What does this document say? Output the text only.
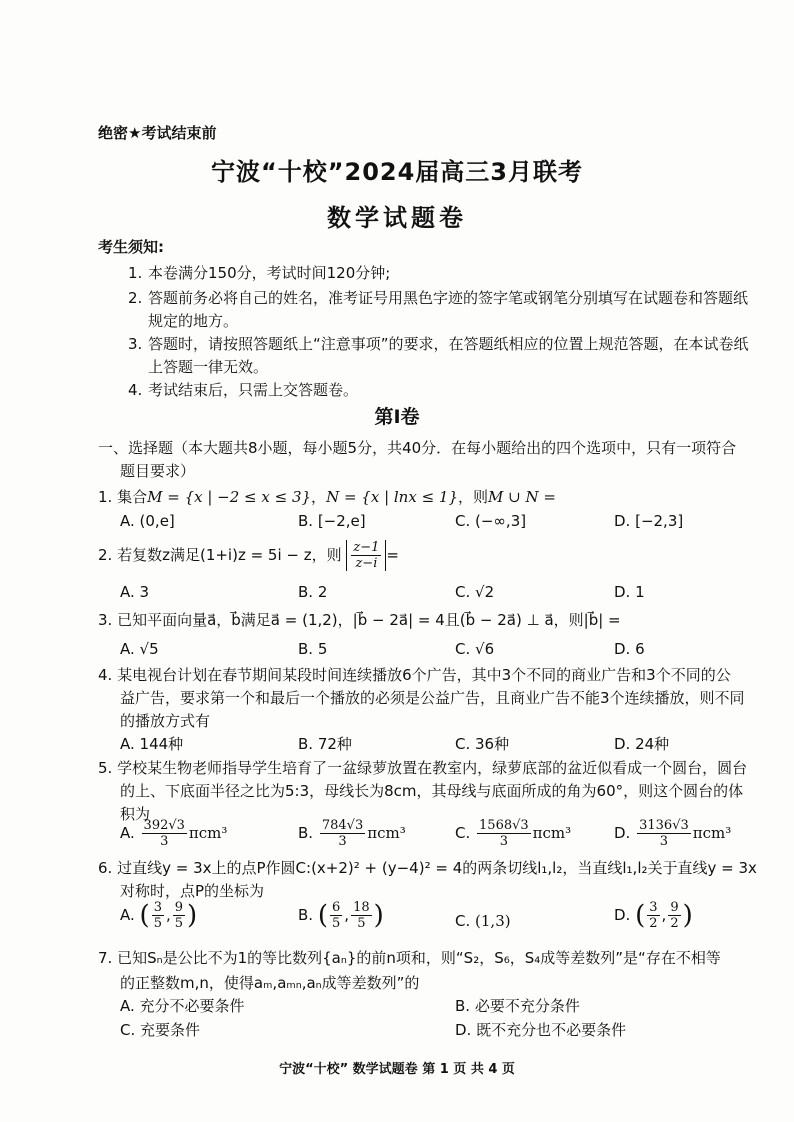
绝密★考试结束前
宁波“十校”2024届高三3月联考
数学试题卷
考生须知:
1. 本卷满分150分，考试时间120分钟;
2. 答题前务必将自己的姓名，准考证号用黑色字迹的签字笔或钢笔分别填写在试题卷和答题纸
规定的地方。
3. 答题时，请按照答题纸上“注意事项”的要求，在答题纸相应的位置上规范答题，在本试卷纸
上答题一律无效。
4. 考试结束后，只需上交答题卷。
第Ⅰ卷
一、选择题（本大题共8小题，每小题5分，共40分．在每小题给出的四个选项中，只有一项符合
题目要求）
1. 集合M = {x | −2 ≤ x ≤ 3}，N = {x | lnx ≤ 1}，则M ∪ N =
A. (0,e]	B. [−2,e]	C. (−∞,3]	D. [−2,3]
2. 若复数z满足(1+i)z = 5i − z，则 $\frac{z-1}{z-i}$ =
A. 3	B. 2	C. √2	D. 1
3. 已知平面向量a⃗，b⃗满足a⃗ = (1,2)，|b⃗ − 2a⃗| = 4且(b⃗ − 2a⃗) ⊥ a⃗，则|b⃗| =
A. √5	B. 5	C. √6	D. 6
4. 某电视台计划在春节期间某段时间连续播放6个广告，其中3个不同的商业广告和3个不同的公
益广告，要求第一个和最后一个播放的必须是公益广告，且商业广告不能3个连续播放，则不同
的播放方式有
A. 144种	B. 72种	C. 36种	D. 24种
5. 学校某生物老师指导学生培育了一盆绿萝放置在教室内，绿萝底部的盆近似看成一个圆台，圆台
的上、下底面半径之比为5:3，母线长为8cm，其母线与底面所成的角为60°，则这个圆台的体
积为
A. $\frac{392√3}{3} \pi cm^3$	B. $\frac{784√3}{3} \pi cm^3$	C. $\frac{1568√3}{3} \pi cm^3$	D. $\frac{3136√3}{3} \pi cm^3$
6. 过直线y = 3x上的点P作圆C:(x+2)² + (y−4)² = 4的两条切线l₁,l₂，当直线l₁,l₂关于直线y = 3x
对称时，点P的坐标为
A. ( $\frac{3}{5}$ , $\frac{9}{5}$ )	B. ( $\frac{6}{5}$ , $\frac{18}{5}$ )	C. (1,3)	D. ( $\frac{3}{2}$ , $\frac{9}{2}$ )
7. 已知Sₙ是公比不为1的等比数列{aₙ}的前n项和，则“S₂，S₆，S₄成等差数列”是“存在不相等
的正整数m,n，使得aₘ,aₘₙ,aₙ成等差数列”的
A. 充分不必要条件	B. 必要不充分条件
C. 充要条件	D. 既不充分也不必要条件
宁波“十校” 数学试题卷 第 1 页 共 4 页
